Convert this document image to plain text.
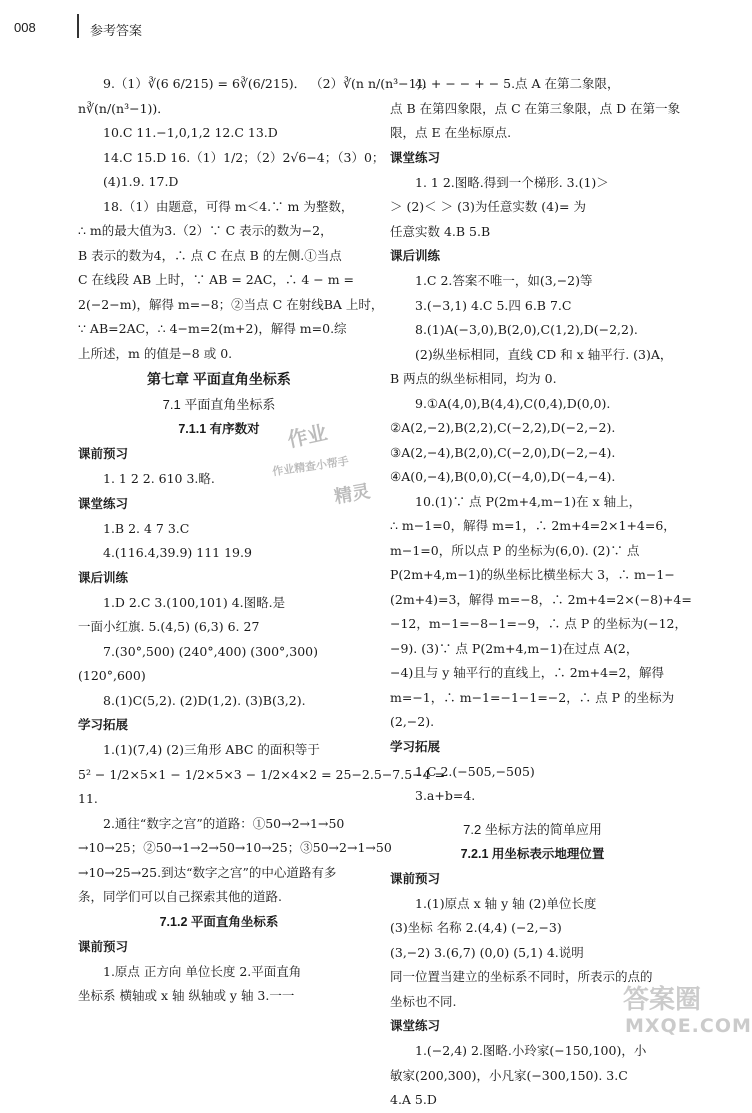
008	参考答案

9.（1）∛(6 6/215) = 6∛(6/215)． （2）∛(n n/(n³−1))

n∛(n/(n³−1))．

10.C 11.−1,0,1,2 12.C 13.D

14.C 15.D 16.（1）1/2；（2）2√6−4；（3）0；

(4)1.9. 17.D

18.（1）由题意，可得 m＜4.∵ m 为整数，

∴ m的最大值为3.（2）∵ C 表示的数为−2，

B 表示的数为4，∴ 点 C 在点 B 的左侧.①当点

C 在线段 AB 上时，∵ AB = 2AC，∴ 4 − m =

2(−2−m)，解得 m=−8；②当点 C 在射线BA 上时，

∵ AB=2AC，∴ 4−m=2(m+2)，解得 m=0.综

上所述，m 的值是−8 或 0.

第七章 平面直角坐标系

7.1 平面直角坐标系

7.1.1 有序数对

课前预习

1. 1 2 2. 610 3.略.

课堂练习

1.B 2. 4 7 3.C

4.(116.4,39.9) 111 19.9

课后训练

1.D 2.C 3.(100,101) 4.图略.是

一面小红旗. 5.(4,5) (6,3) 6. 27

7.(30°,500) (240°,400) (300°,300)

(120°,600)

8.(1)C(5,2). (2)D(1,2). (3)B(3,2).

学习拓展

1.(1)(7,4) (2)三角形 ABC 的面积等于

5² − 1/2×5×1 − 1/2×5×3 − 1/2×4×2 = 25−2.5−7.5−4 =

11.

2.通往“数字之宫”的道路：①50→2→1→50

→10→25；②50→1→2→50→10→25；③50→2→1→50

→10→25→25.到达“数字之宫”的中心道路有多

条，同学们可以自己探索其他的道路.

7.1.2 平面直角坐标系

课前预习

1.原点 正方向 单位长度 2.平面直角

坐标系 横轴或 x 轴 纵轴或 y 轴 3.一一

4. + − − + − 5.点 A 在第二象限，

点 B 在第四象限，点 C 在第三象限，点 D 在第一象

限，点 E 在坐标原点.

课堂练习

1. 1 2.图略.得到一个梯形. 3.(1)＞

＞ (2)＜ ＞ (3)为任意实数 (4)= 为

任意实数 4.B 5.B

课后训练

1.C 2.答案不唯一，如(3,−2)等

3.(−3,1) 4.C 5.四 6.B 7.C

8.(1)A(−3,0),B(2,0),C(1,2),D(−2,2).

(2)纵坐标相同，直线 CD 和 x 轴平行. (3)A，

B 两点的纵坐标相同，均为 0.

9.①A(4,0),B(4,4),C(0,4),D(0,0).

②A(2,−2),B(2,2),C(−2,2),D(−2,−2).

③A(2,−4),B(2,0),C(−2,0),D(−2,−4).

④A(0,−4),B(0,0),C(−4,0),D(−4,−4).

10.(1)∵ 点 P(2m+4,m−1)在 x 轴上，

∴ m−1=0，解得 m=1，∴ 2m+4=2×1+4=6，

m−1=0，所以点 P 的坐标为(6,0). (2)∵ 点

P(2m+4,m−1)的纵坐标比横坐标大 3，∴ m−1−

(2m+4)=3，解得 m=−8，∴ 2m+4=2×(−8)+4=

−12，m−1=−8−1=−9，∴ 点 P 的坐标为(−12，

−9). (3)∵ 点 P(2m+4,m−1)在过点 A(2，

−4)且与 y 轴平行的直线上，∴ 2m+4=2，解得

m=−1，∴ m−1=−1−1=−2，∴ 点 P 的坐标为

(2,−2).

学习拓展

1.C 2.(−505,−505)

3.a+b=4.

7.2 坐标方法的简单应用

7.2.1 用坐标表示地理位置

课前预习

1.(1)原点 x 轴 y 轴 (2)单位长度

(3)坐标 名称 2.(4,4) (−2,−3)

(3,−2) 3.(6,7) (0,0) (5,1) 4.说明

同一位置当建立的坐标系不同时，所表示的点的

坐标也不同.

课堂练习

1.(−2,4) 2.图略.小玲家(−150,100)，小

敏家(200,300)，小凡家(−300,150). 3.C

4.A 5.D

作业
作业精查小帮手
精灵
答案圈
MXQE.COM
